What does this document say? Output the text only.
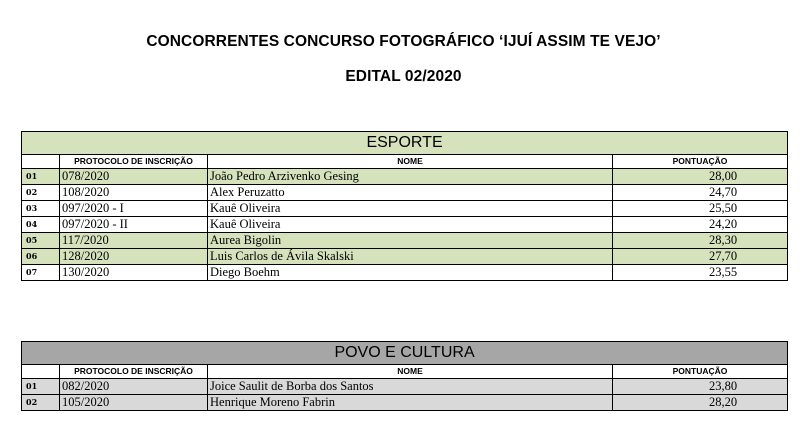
CONCORRENTES CONCURSO FOTOGRÁFICO ‘IJUÍ ASSIM TE VEJO’
EDITAL 02/2020
ESPORTE			
	PROTOCOLO DE INSCRIÇÃO	NOME	PONTUAÇÃO
01	078/2020	João Pedro Arzivenko Gesing	28,00
02	108/2020	Alex Peruzatto	24,70
03	097/2020 - I	Kauê Oliveira	25,50
04	097/2020 - II	Kauê Oliveira	24,20
05	117/2020	Aurea Bigolin	28,30
06	128/2020	Luis Carlos de Ávila Skalski	27,70
07	130/2020	Diego Boehm	23,55
POVO E CULTURA			
	PROTOCOLO DE INSCRIÇÃO	NOME	PONTUAÇÃO
01	082/2020	Joice Saulit de Borba dos Santos	23,80
02	105/2020	Henrique Moreno Fabrin	28,20
